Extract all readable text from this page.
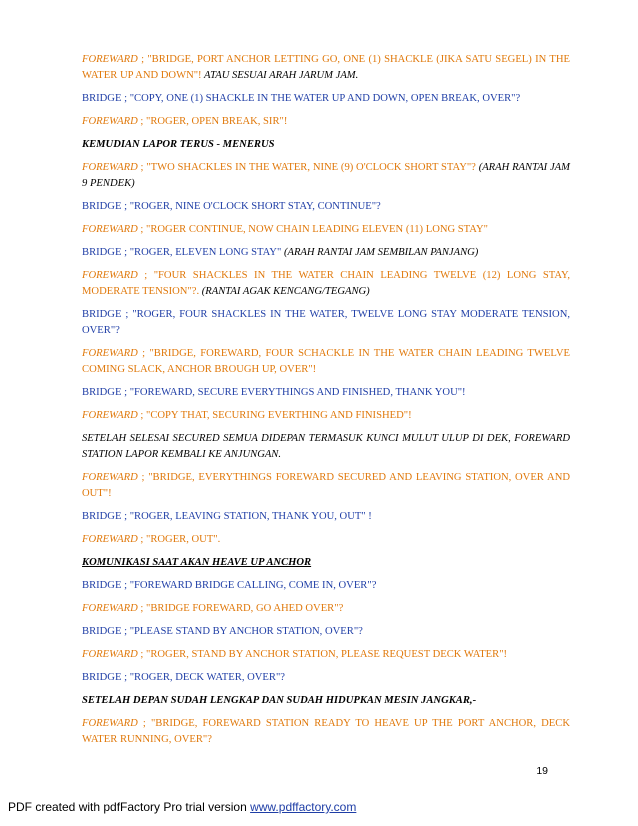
FOREWARD ; "BRIDGE, PORT ANCHOR LETTING GO, ONE (1) SHACKLE (JIKA SATU SEGEL) IN THE WATER UP AND DOWN"! ATAU SESUAI ARAH JARUM JAM.

BRIDGE ; "COPY, ONE (1) SHACKLE IN THE WATER UP AND DOWN, OPEN BREAK, OVER"?

FOREWARD ; "ROGER, OPEN BREAK, SIR"!

KEMUDIAN LAPOR TERUS - MENERUS

FOREWARD ; "TWO SHACKLES IN THE WATER, NINE (9) O'CLOCK SHORT STAY"? (ARAH RANTAI JAM 9 PENDEK)

BRIDGE ; "ROGER, NINE O'CLOCK SHORT STAY, CONTINUE"?

FOREWARD ; "ROGER CONTINUE, NOW CHAIN LEADING ELEVEN (11) LONG STAY"

BRIDGE ; "ROGER, ELEVEN LONG STAY" (ARAH RANTAI JAM SEMBILAN PANJANG)

FOREWARD ; "FOUR SHACKLES IN THE WATER CHAIN LEADING TWELVE (12) LONG STAY, MODERATE TENSION"?. (RANTAI AGAK KENCANG/TEGANG)

BRIDGE ; "ROGER, FOUR SHACKLES IN THE WATER, TWELVE LONG STAY MODERATE TENSION, OVER"?

FOREWARD ; "BRIDGE, FOREWARD, FOUR SCHACKLE IN THE WATER CHAIN LEADING TWELVE COMING SLACK, ANCHOR BROUGH UP, OVER"!

BRIDGE ; "FOREWARD, SECURE EVERYTHINGS AND FINISHED, THANK YOU"!

FOREWARD ; "COPY THAT, SECURING EVERTHING AND FINISHED"!

SETELAH SELESAI SECURED SEMUA DIDEPAN TERMASUK KUNCI MULUT ULUP DI DEK, FOREWARD STATION LAPOR KEMBALI KE ANJUNGAN.

FOREWARD ; "BRIDGE, EVERYTHINGS FOREWARD SECURED AND LEAVING STATION, OVER AND OUT"!

BRIDGE ; "ROGER, LEAVING STATION, THANK YOU, OUT" !

FOREWARD ; "ROGER, OUT".

KOMUNIKASI SAAT AKAN HEAVE UP ANCHOR

BRIDGE ; "FOREWARD BRIDGE CALLING, COME IN, OVER"?

FOREWARD ; "BRIDGE FOREWARD, GO AHED OVER"?

BRIDGE ; "PLEASE STAND BY ANCHOR STATION, OVER"?

FOREWARD ; "ROGER, STAND BY ANCHOR STATION, PLEASE REQUEST DECK WATER"!

BRIDGE ; "ROGER, DECK WATER, OVER"?

SETELAH DEPAN SUDAH LENGKAP DAN SUDAH HIDUPKAN MESIN JANGKAR,-

FOREWARD ; "BRIDGE, FOREWARD STATION READY TO HEAVE UP THE PORT ANCHOR, DECK WATER RUNNING, OVER"?

19
PDF created with pdfFactory Pro trial version www.pdffactory.com
